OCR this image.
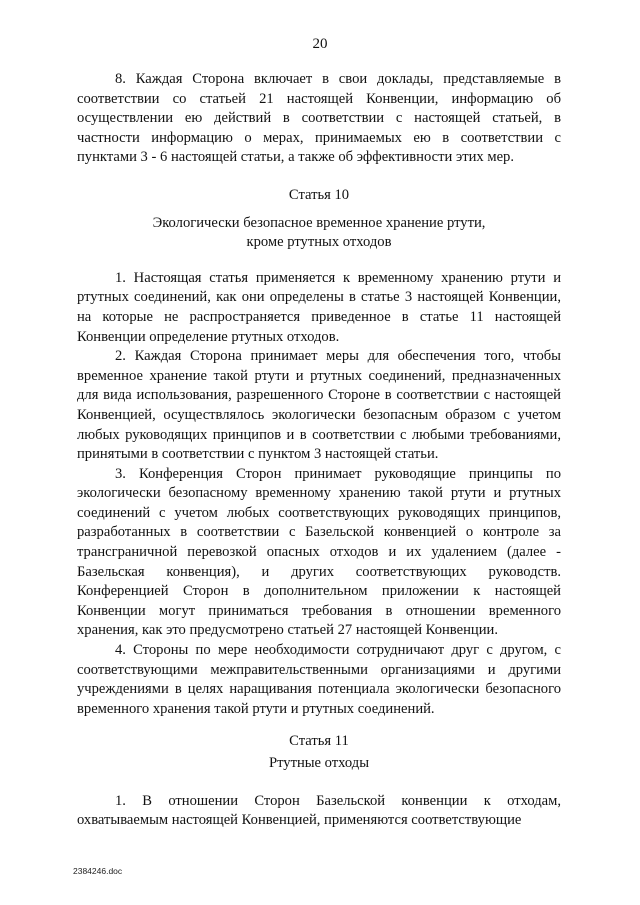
20

8. Каждая Сторона включает в свои доклады, представляемые в соответствии со статьей 21 настоящей Конвенции, информацию об осуществлении ею действий в соответствии с настоящей статьей, в частности информацию о мерах, принимаемых ею в соответствии с пунктами 3 - 6 настоящей статьи, а также об эффективности этих мер.

Статья 10

Экологически безопасное временное хранение ртути,
кроме ртутных отходов

1. Настоящая статья применяется к временному хранению ртути и ртутных соединений, как они определены в статье 3 настоящей Конвенции, на которые не распространяется приведенное в статье 11 настоящей Конвенции определение ртутных отходов.

2. Каждая Сторона принимает меры для обеспечения того, чтобы временное хранение такой ртути и ртутных соединений, предназначенных для вида использования, разрешенного Стороне в соответствии с настоящей Конвенцией, осуществлялось экологически безопасным образом с учетом любых руководящих принципов и в соответствии с любыми требованиями, принятыми в соответствии с пунктом 3 настоящей статьи.

3. Конференция Сторон принимает руководящие принципы по экологически безопасному временному хранению такой ртути и ртутных соединений с учетом любых соответствующих руководящих принципов, разработанных в соответствии с Базельской конвенцией о контроле за трансграничной перевозкой опасных отходов и их удалением (далее - Базельская конвенция), и других соответствующих руководств. Конференцией Сторон в дополнительном приложении к настоящей Конвенции могут приниматься требования в отношении временного хранения, как это предусмотрено статьей 27 настоящей Конвенции.

4. Стороны по мере необходимости сотрудничают друг с другом, с соответствующими межправительственными организациями и другими учреждениями в целях наращивания потенциала экологически безопасного временного хранения такой ртути и ртутных соединений.

Статья 11

Ртутные отходы

1. В отношении Сторон Базельской конвенции к отходам, охватываемым настоящей Конвенцией, применяются соответствующие

2384246.doc
